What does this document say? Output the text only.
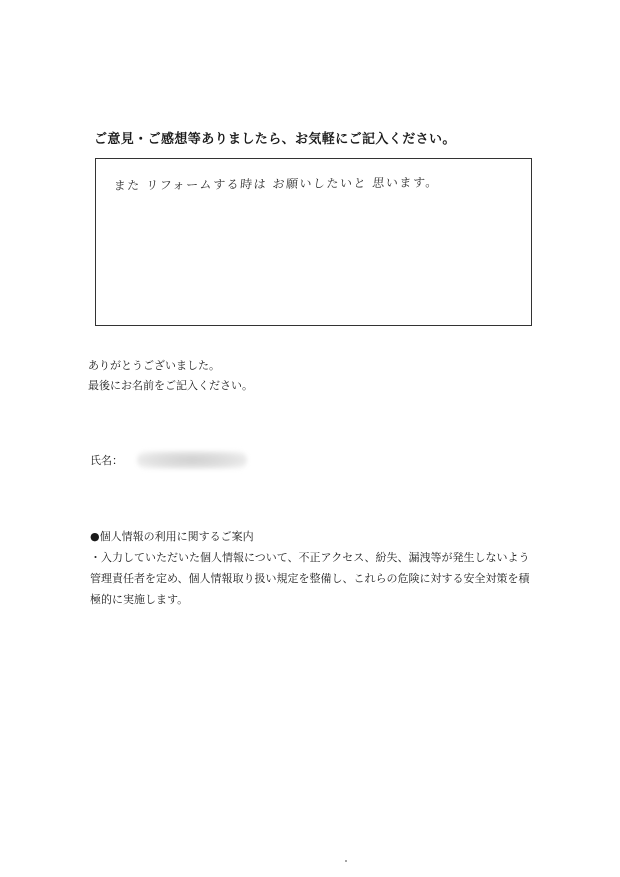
ご意見・ご感想等ありましたら、お気軽にご記入ください。
また リフォームする時は お願いしたいと 思います。
ありがとうございました。
最後にお名前をご記入ください。
氏名：
●個人情報の利用に関するご案内
・入力していただいた個人情報について、不正アクセス、紛失、漏洩等が発生しないよう
管理責任者を定め、個人情報取り扱い規定を整備し、これらの危険に対する安全対策を積
極的に実施します。
